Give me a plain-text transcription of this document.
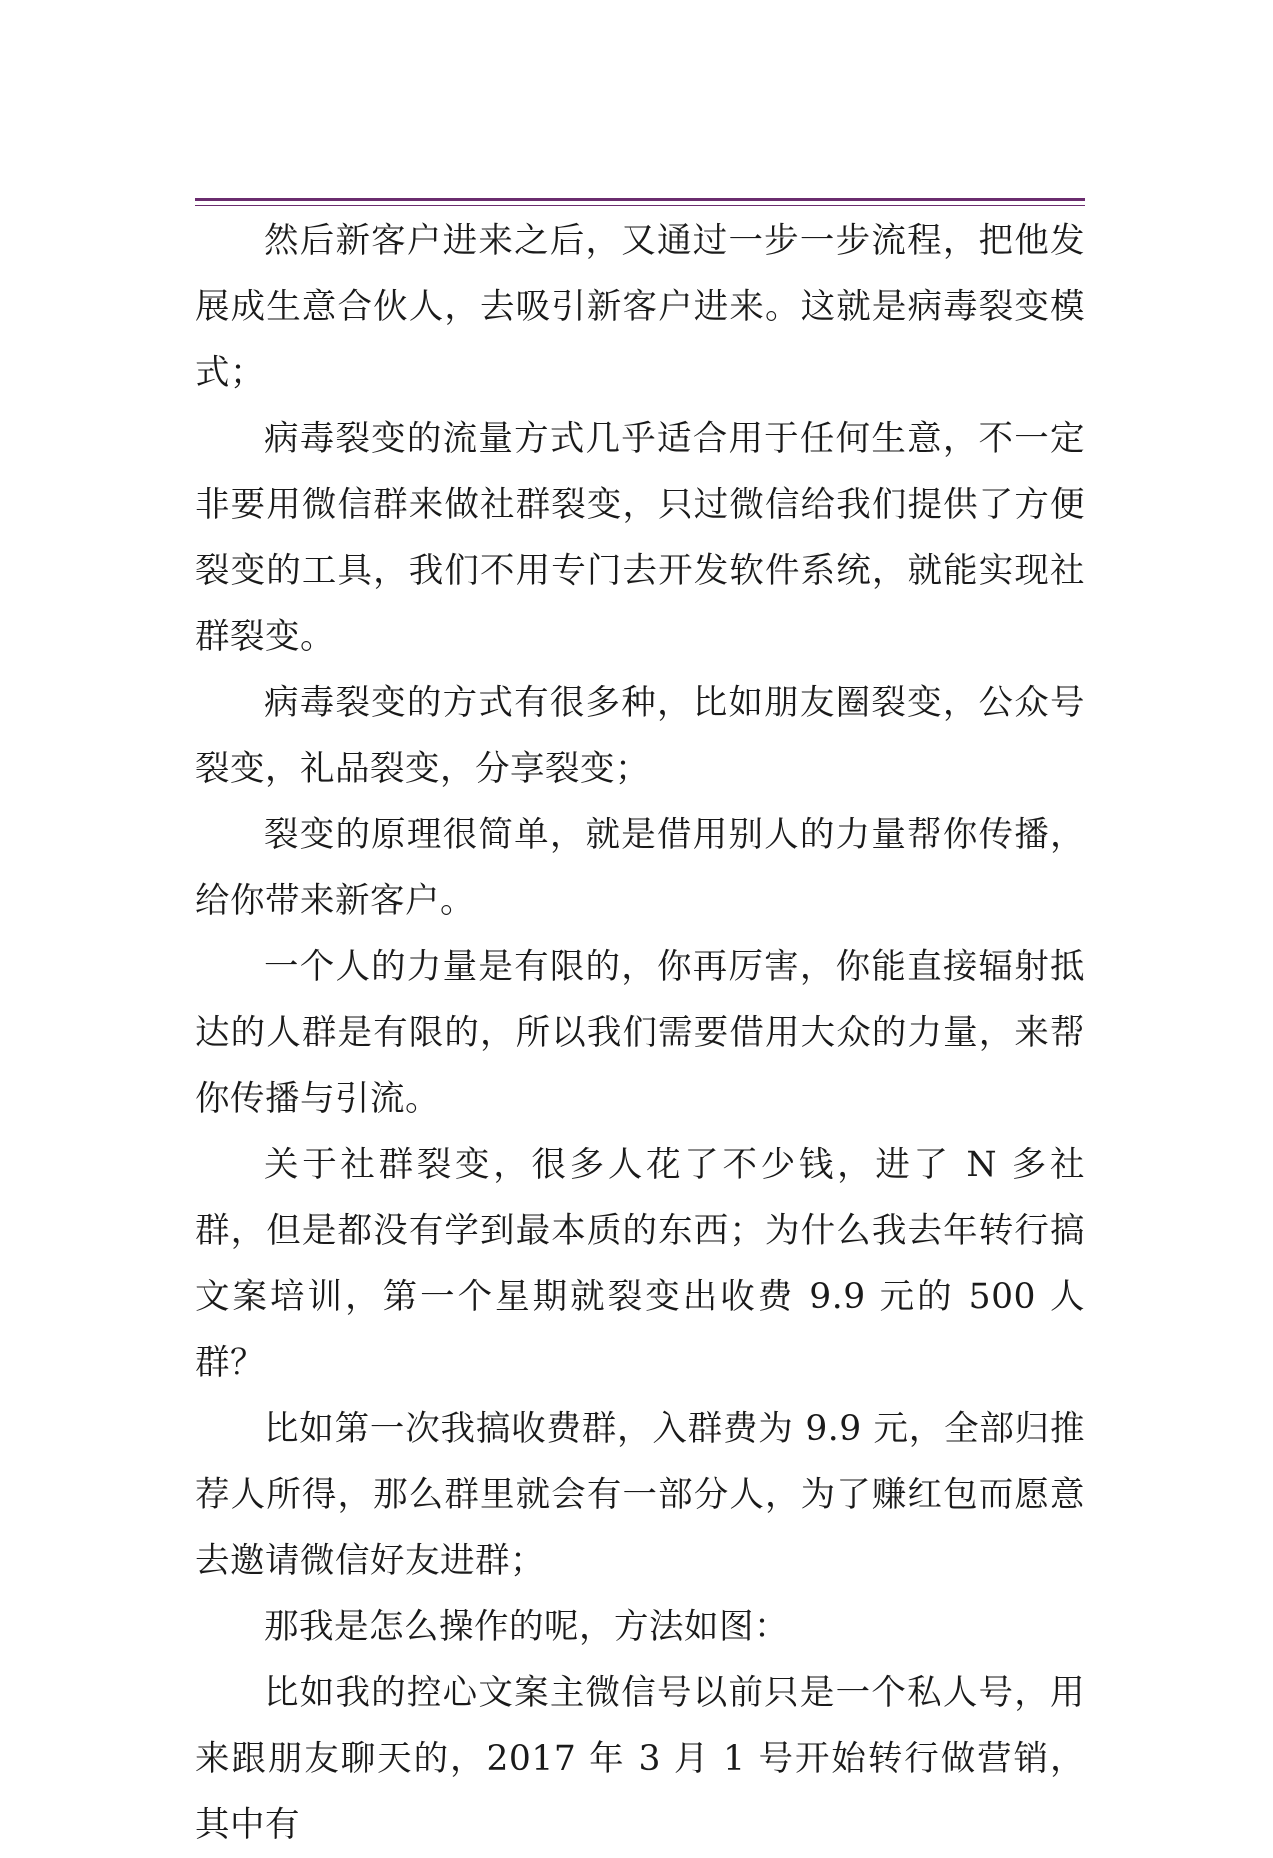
然后新客户进来之后，又通过一步一步流程，把他发展成生意合伙人，去吸引新客户进来。这就是病毒裂变模式；

病毒裂变的流量方式几乎适合用于任何生意，不一定非要用微信群来做社群裂变，只过微信给我们提供了方便裂变的工具，我们不用专门去开发软件系统，就能实现社群裂变。

病毒裂变的方式有很多种，比如朋友圈裂变，公众号裂变，礼品裂变，分享裂变；

裂变的原理很简单，就是借用别人的力量帮你传播，给你带来新客户。

一个人的力量是有限的，你再厉害，你能直接辐射抵达的人群是有限的，所以我们需要借用大众的力量，来帮你传播与引流。

关于社群裂变，很多人花了不少钱，进了 N 多社群，但是都没有学到最本质的东西；为什么我去年转行搞文案培训，第一个星期就裂变出收费 9.9 元的 500 人群？

比如第一次我搞收费群，入群费为 9.9 元，全部归推荐人所得，那么群里就会有一部分人，为了赚红包而愿意去邀请微信好友进群；

那我是怎么操作的呢，方法如图：

比如我的控心文案主微信号以前只是一个私人号，用来跟朋友聊天的，2017 年 3 月 1 号开始转行做营销，其中有
